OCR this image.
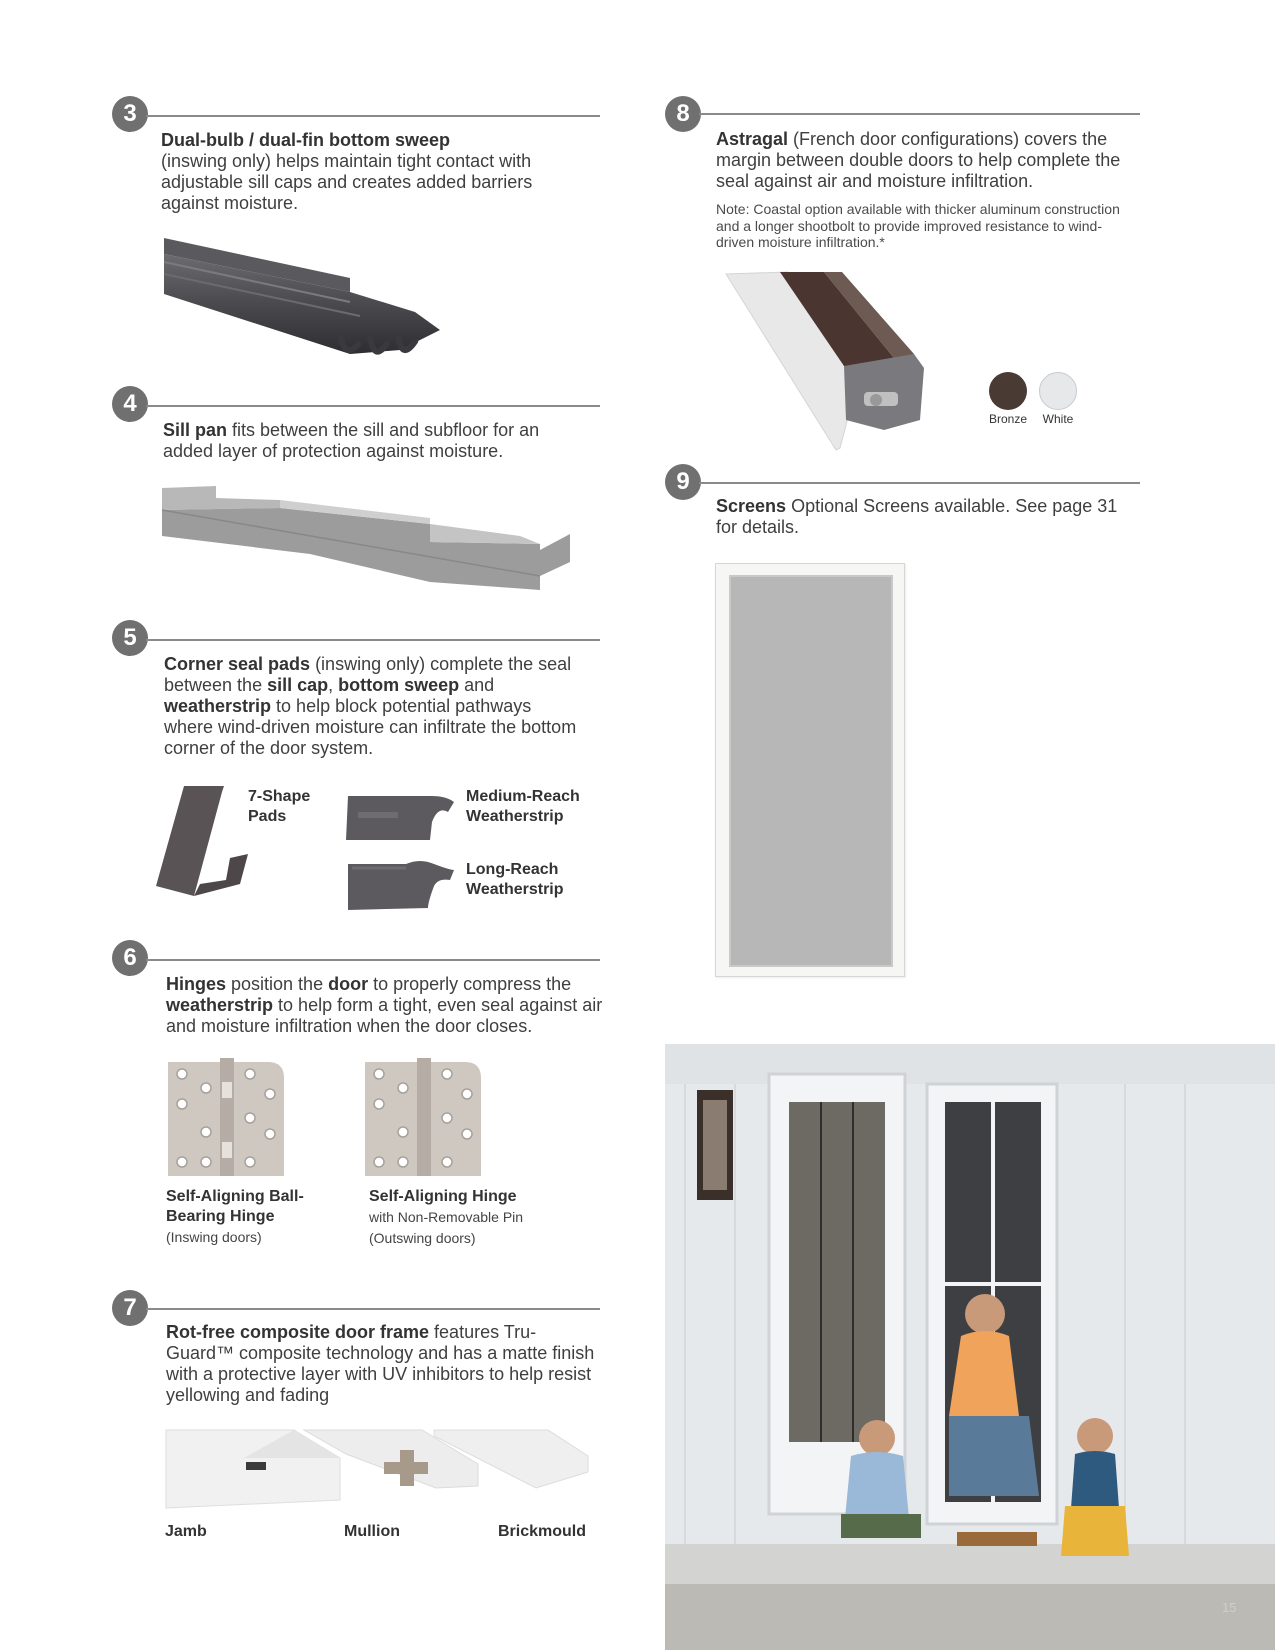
3
Dual-bulb / dual-fin bottom sweep
(inswing only) helps maintain tight contact with adjustable sill caps and creates added barriers against moisture.
4
Sill pan fits between the sill and subfloor for an added layer of protection against moisture.
5
Corner seal pads (inswing only) complete the seal between the sill cap, bottom sweep and weatherstrip to help block potential pathways where wind-driven moisture can infiltrate the bottom corner of the door system.
7-Shape Pads
Medium-Reach Weatherstrip
Long-Reach Weatherstrip
6
Hinges position the door to properly compress the weatherstrip to help form a tight, even seal against air and moisture infiltration when the door closes.
Self-Aligning Ball-Bearing Hinge
(Inswing doors)
Self-Aligning Hinge
with Non-Removable Pin
(Outswing doors)
7
Rot-free composite door frame features Tru-Guard™ composite technology and has a matte finish with a protective layer with UV inhibitors to help resist yellowing and fading
Jamb	Mullion	Brickmould
8
Astragal (French door configurations) covers the margin between double doors to help complete the seal against air and moisture infiltration.
Note: Coastal option available with thicker aluminum construction and a longer shootbolt to provide improved resistance to wind-driven moisture infiltration.*
Bronze	White
9
Screens Optional Screens available. See page 31 for details.
15
